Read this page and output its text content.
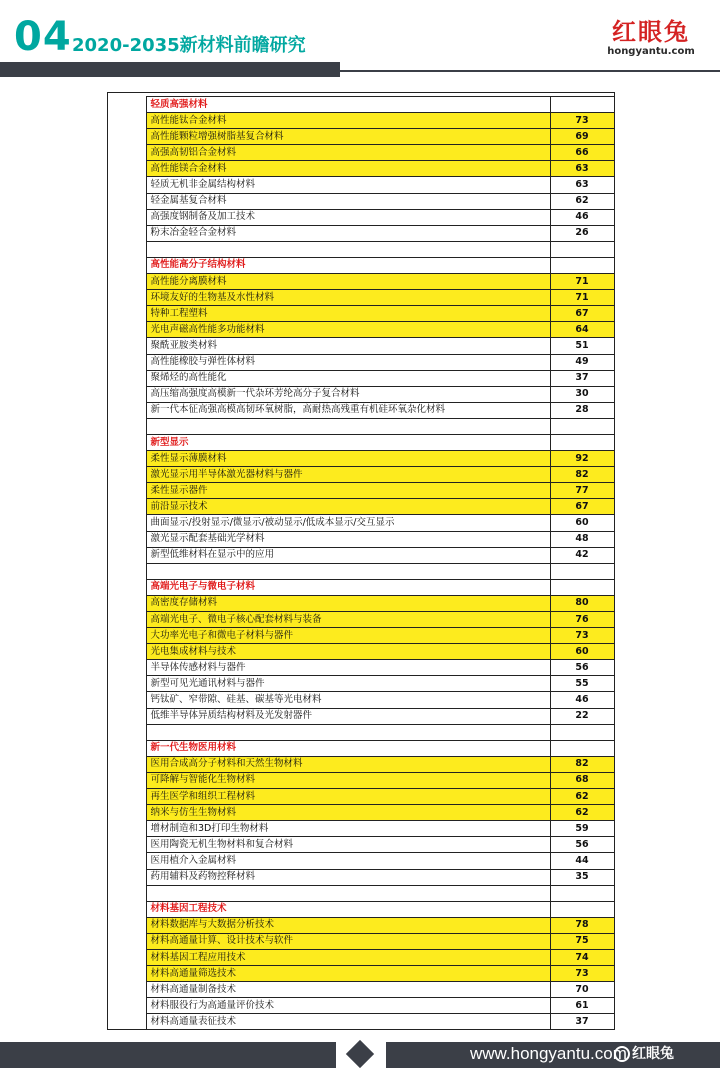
04 2020-2035新材料前瞻研究	红眼兔
hongyantu.com
	轻质高强材料	
	高性能钛合金材料	73
	高性能颗粒增强树脂基复合材料	69
	高强高韧铝合金材料	66
	高性能镁合金材料	63
	轻质无机非金属结构材料	63
	轻金属基复合材料	62
	高强度钢制备及加工技术	46
	粉末冶金轻合金材料	26

	高性能高分子结构材料	
	高性能分离膜材料	71
	环境友好的生物基及水性材料	71
	特种工程塑料	67
	光电声磁高性能多功能材料	64
	聚酰亚胺类材料	51
	高性能橡胶与弹性体材料	49
	聚烯烃的高性能化	37
	高压缩高强度高模新一代杂环芳纶高分子复合材料	30
	新一代本征高强高模高韧环氧树脂，高耐热高残重有机硅环氧杂化材料	28

	新型显示	
	柔性显示薄膜材料	92
	激光显示用半导体激光器材料与器件	82
	柔性显示器件	77
	前沿显示技术	67
	曲面显示/投射显示/微显示/被动显示/低成本显示/交互显示	60
	激光显示配套基础光学材料	48
	新型低维材料在显示中的应用	42

	高端光电子与微电子材料	
	高密度存储材料	80
	高端光电子、微电子核心配套材料与装备	76
	大功率光电子和微电子材料与器件	73
	光电集成材料与技术	60
	半导体传感材料与器件	56
	新型可见光通讯材料与器件	55
	钙钛矿、窄带隙、硅基、碳基等光电材料	46
	低维半导体异质结构材料及光发射器件	22

	新一代生物医用材料	
	医用合成高分子材料和天然生物材料	82
	可降解与智能化生物材料	68
	再生医学和组织工程材料	62
	纳米与仿生生物材料	62
	增材制造和3D打印生物材料	59
	医用陶瓷无机生物材料和复合材料	56
	医用植介入金属材料	44
	药用辅料及药物控释材料	35

	材料基因工程技术	
	材料数据库与大数据分析技术	78
	材料高通量计算、设计技术与软件	75
	材料基因工程应用技术	74
	材料高通量筛选技术	73
	材料高通量制备技术	70
	材料服役行为高通量评价技术	61
	材料高通量表征技术	37
www.hongyantu.com 红眼兔
